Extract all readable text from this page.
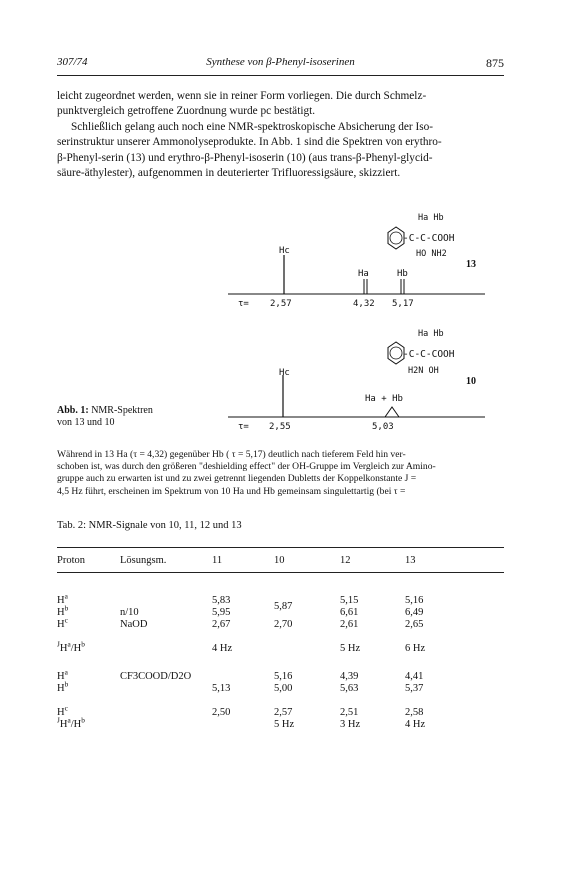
307/74	Synthese von β-Phenyl-isoserinen	875

leicht zugeordnet werden, wenn sie in reiner Form vorliegen. Die durch Schmelz-

punktvergleich getroffene Zuordnung wurde pc bestätigt.

Schließlich gelang auch noch eine NMR-spektroskopische Absicherung der Iso-

serinstruktur unserer Ammonolyseprodukte. In Abb. 1 sind die Spektren von erythro-

β-Phenyl-serin (13) und erythro-β-Phenyl-isoserin (10) (aus trans-β-Phenyl-glycid-

säure-äthylester), aufgenommen in deuterierter Trifluoressigsäure, skizziert.

Hc
Ha	Hb
τ= 2,57	4,32 5,17
Ha Hb
-C-C-COOH
HO NH2
13
Hc
Ha + Hb
τ= 2,55	5,03
Ha Hb
-C-C-COOH
H2N OH
10
Abb. 1: NMR-Spektren
von 13 und 10
Während in 13 Ha (τ = 4,32) gegenüber Hb ( τ = 5,17) deutlich nach tieferem Feld hin ver-
schoben ist, was durch den größeren "deshielding effect" der OH-Gruppe im Vergleich zur Amino-
gruppe auch zu erwarten ist und zu zwei getrennt liegenden Dubletts der Koppelkonstante J =
4,5 Hz führt, erscheinen im Spektrum von 10 Ha und Hb gemeinsam singulettartig (bei τ =
Tab. 2: NMR-Signale von 10, 11, 12 und 13
Proton	Lösungsm.	11	10	12	13

$H^a$		5,83	5,87	5,15	5,16
$H^b$	n/10	5,95		6,61	6,49
$H^c$	NaOD	2,67	2,70	2,61	2,65

$^JH^a/H^b$		4 Hz		5 Hz	6 Hz

$H^a$	CF3COOD/D2O		5,16	4,39	4,41
$H^b$		5,13	5,00	5,63	5,37

$H^c$		2,50	2,57	2,51	2,58
$^JH^a/H^b$			5 Hz	3 Hz	4 Hz
